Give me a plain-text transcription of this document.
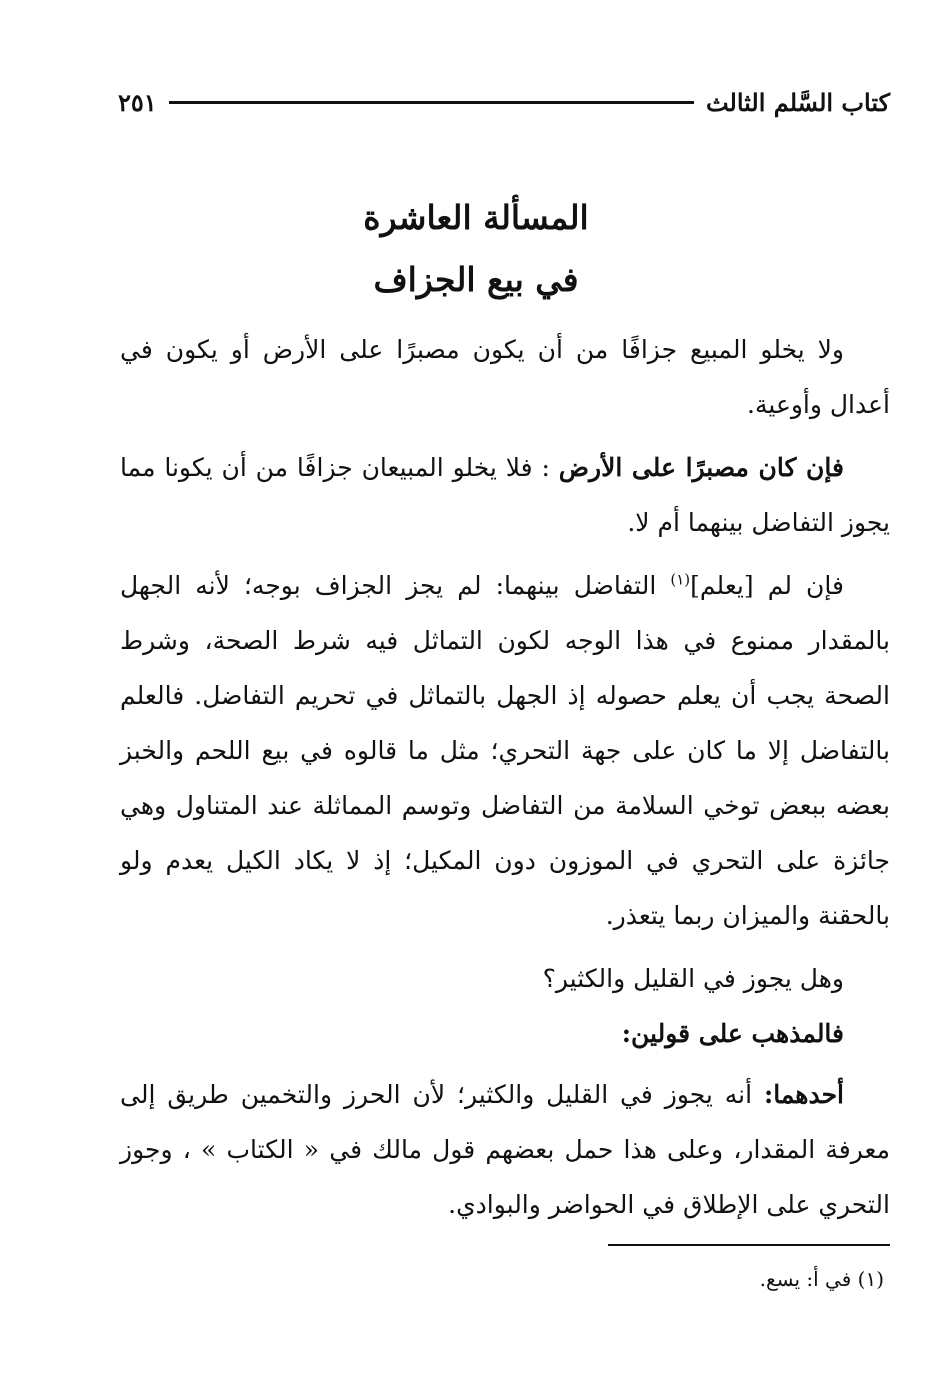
كتاب السَّلم الثالث
٢٥١
المسألة العاشرة
في بيع الجزاف

ولا يخلو المبيع جزافًا من أن يكون مصبرًا على الأرض أو يكون في أعدال وأوعية.

فإن كان مصبرًا على الأرض : فلا يخلو المبيعان جزافًا من أن يكونا مما يجوز التفاضل بينهما أم لا.

فإن لم [يعلم]$^{(١)}$ التفاضل بينهما: لم يجز الجزاف بوجه؛ لأنه الجهل بالمقدار ممنوع في هذا الوجه لكون التماثل فيه شرط الصحة، وشرط الصحة يجب أن يعلم حصوله إذ الجهل بالتماثل في تحريم التفاضل. فالعلم بالتفاضل إلا ما كان على جهة التحري؛ مثل ما قالوه في بيع اللحم والخبز بعضه ببعض توخي السلامة من التفاضل وتوسم المماثلة عند المتناول وهي جائزة على التحري في الموزون دون المكيل؛ إذ لا يكاد الكيل يعدم ولو بالحقنة والميزان ربما يتعذر.

وهل يجوز في القليل والكثير؟

فالمذهب على قولين:

أحدهما: أنه يجوز في القليل والكثير؛ لأن الحرز والتخمين طريق إلى معرفة المقدار، وعلى هذا حمل بعضهم قول مالك في « الكتاب » ، وجوز التحري على الإطلاق في الحواضر والبوادي.

(١) في أ: يسع.
